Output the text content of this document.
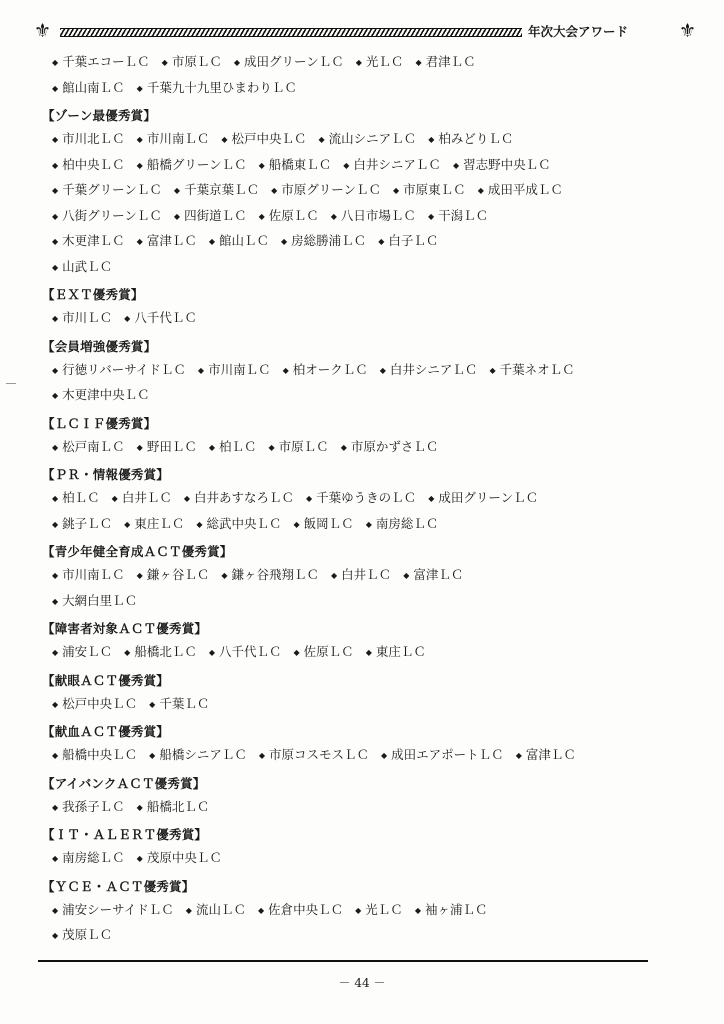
⚜	年次大会アワード	⚜
◆ 千葉エコーＬＣ ◆ 市原ＬＣ ◆ 成田グリーンＬＣ ◆ 光ＬＣ ◆ 君津ＬＣ
◆ 館山南ＬＣ ◆ 千葉九十九里ひまわりＬＣ
【ゾーン最優秀賞】
◆ 市川北ＬＣ ◆ 市川南ＬＣ ◆ 松戸中央ＬＣ ◆ 流山シニアＬＣ ◆ 柏みどりＬＣ
◆ 柏中央ＬＣ ◆ 船橋グリーンＬＣ ◆ 船橋東ＬＣ ◆ 白井シニアＬＣ ◆ 習志野中央ＬＣ
◆ 千葉グリーンＬＣ ◆ 千葉京葉ＬＣ ◆ 市原グリーンＬＣ ◆ 市原東ＬＣ ◆ 成田平成ＬＣ
◆ 八街グリーンＬＣ ◆ 四街道ＬＣ ◆ 佐原ＬＣ ◆ 八日市場ＬＣ ◆ 干潟ＬＣ
◆ 木更津ＬＣ ◆ 富津ＬＣ ◆ 館山ＬＣ ◆ 房総勝浦ＬＣ ◆ 白子ＬＣ
◆ 山武ＬＣ
【ＥＸＴ優秀賞】
◆ 市川ＬＣ ◆ 八千代ＬＣ
【会員増強優秀賞】
◆ 行徳リバーサイドＬＣ ◆ 市川南ＬＣ ◆ 柏オークＬＣ ◆ 白井シニアＬＣ ◆ 千葉ネオＬＣ
◆ 木更津中央ＬＣ
【ＬＣＩＦ優秀賞】
◆ 松戸南ＬＣ ◆ 野田ＬＣ ◆ 柏ＬＣ ◆ 市原ＬＣ ◆ 市原かずさＬＣ
【ＰＲ・情報優秀賞】
◆ 柏ＬＣ ◆ 白井ＬＣ ◆ 白井あすなろＬＣ ◆ 千葉ゆうきのＬＣ ◆ 成田グリーンＬＣ
◆ 銚子ＬＣ ◆ 東庄ＬＣ ◆ 総武中央ＬＣ ◆ 飯岡ＬＣ ◆ 南房総ＬＣ
【青少年健全育成ＡＣＴ優秀賞】
◆ 市川南ＬＣ ◆ 鎌ヶ谷ＬＣ ◆ 鎌ヶ谷飛翔ＬＣ ◆ 白井ＬＣ ◆ 富津ＬＣ
◆ 大網白里ＬＣ
【障害者対象ＡＣＴ優秀賞】
◆ 浦安ＬＣ ◆ 船橋北ＬＣ ◆ 八千代ＬＣ ◆ 佐原ＬＣ ◆ 東庄ＬＣ
【献眼ＡＣＴ優秀賞】
◆ 松戸中央ＬＣ ◆ 千葉ＬＣ
【献血ＡＣＴ優秀賞】
◆ 船橋中央ＬＣ ◆ 船橋シニアＬＣ ◆ 市原コスモスＬＣ ◆ 成田エアポートＬＣ ◆ 富津ＬＣ
【アイバンクＡＣＴ優秀賞】
◆ 我孫子ＬＣ ◆ 船橋北ＬＣ
【ＩＴ・ＡＬＥＲＴ優秀賞】
◆ 南房総ＬＣ ◆ 茂原中央ＬＣ
【ＹＣＥ・ＡＣＴ優秀賞】
◆ 浦安シーサイドＬＣ ◆ 流山ＬＣ ◆ 佐倉中央ＬＣ ◆ 光ＬＣ ◆ 袖ヶ浦ＬＣ
◆ 茂原ＬＣ
－ 44 －
